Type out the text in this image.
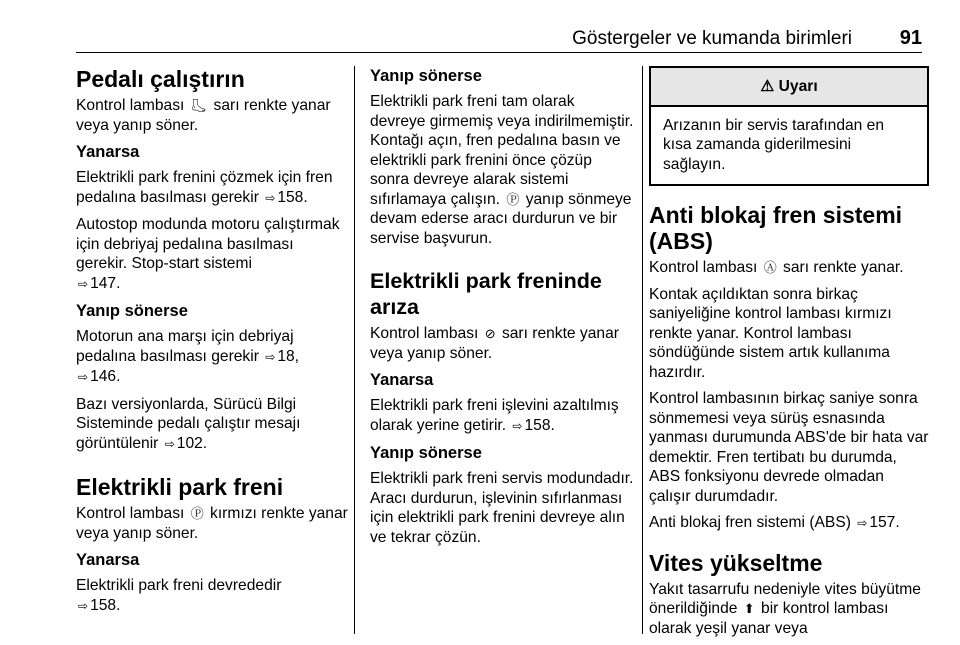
Göstergeler ve kumanda birimleri 91
Pedalı çalıştırın

Kontrol lambası 🦶︎ sarı renkte yanar veya yanıp söner.

Yanarsa

Elektrikli park frenini çözmek için fren pedalına basılması gerekir ⇨ 158.

Autostop modunda motoru çalıştırmak için debriyaj pedalına basılması gerekir. Stop-start sistemi
⇨ 147.

Yanıp sönerse

Motorun ana marşı için debriyaj pedalına basılması gerekir ⇨ 18,
⇨ 146.

Bazı versiyonlarda, Sürücü Bilgi Sisteminde pedalı çalıştır mesajı görüntülenir ⇨ 102.

Elektrikli park freni

Kontrol lambası Ⓟ kırmızı renkte yanar veya yanıp söner.

Yanarsa

Elektrikli park freni devrededir
⇨ 158.

Yanıp sönerse

Elektrikli park freni tam olarak devreye girmemiş veya indirilmemiştir. Kontağı açın, fren pedalına basın ve elektrikli park frenini önce çözüp sonra devreye alarak sistemi sıfırlamaya çalışın. Ⓟ yanıp sönmeye devam ederse aracı durdurun ve bir servise başvurun.

Elektrikli park freninde arıza

Kontrol lambası ⊘ sarı renkte yanar veya yanıp söner.

Yanarsa

Elektrikli park freni işlevini azaltılmış olarak yerine getirir. ⇨ 158.

Yanıp sönerse

Elektrikli park freni servis modundadır. Aracı durdurun, işlevinin sıfırlanması için elektrikli park frenini devreye alın ve tekrar çözün.

⚠ Uyarı
Arızanın bir servis tarafından en kısa zamanda giderilmesini sağlayın.
Anti blokaj fren sistemi (ABS)

Kontrol lambası Ⓐ sarı renkte yanar.

Kontak açıldıktan sonra birkaç saniyeliğine kontrol lambası kırmızı renkte yanar. Kontrol lambası söndüğünde sistem artık kullanıma hazırdır.

Kontrol lambasının birkaç saniye sonra sönmemesi veya sürüş esnasında yanması durumunda ABS'de bir hata var demektir. Fren tertibatı bu durumda, ABS fonksiyonu devrede olmadan çalışır durumdadır.

Anti blokaj fren sistemi (ABS) ⇨ 157.

Vites yükseltme

Yakıt tasarrufu nedeniyle vites büyütme önerildiğinde ⬆ bir kontrol lambası olarak yeşil yanar veya
